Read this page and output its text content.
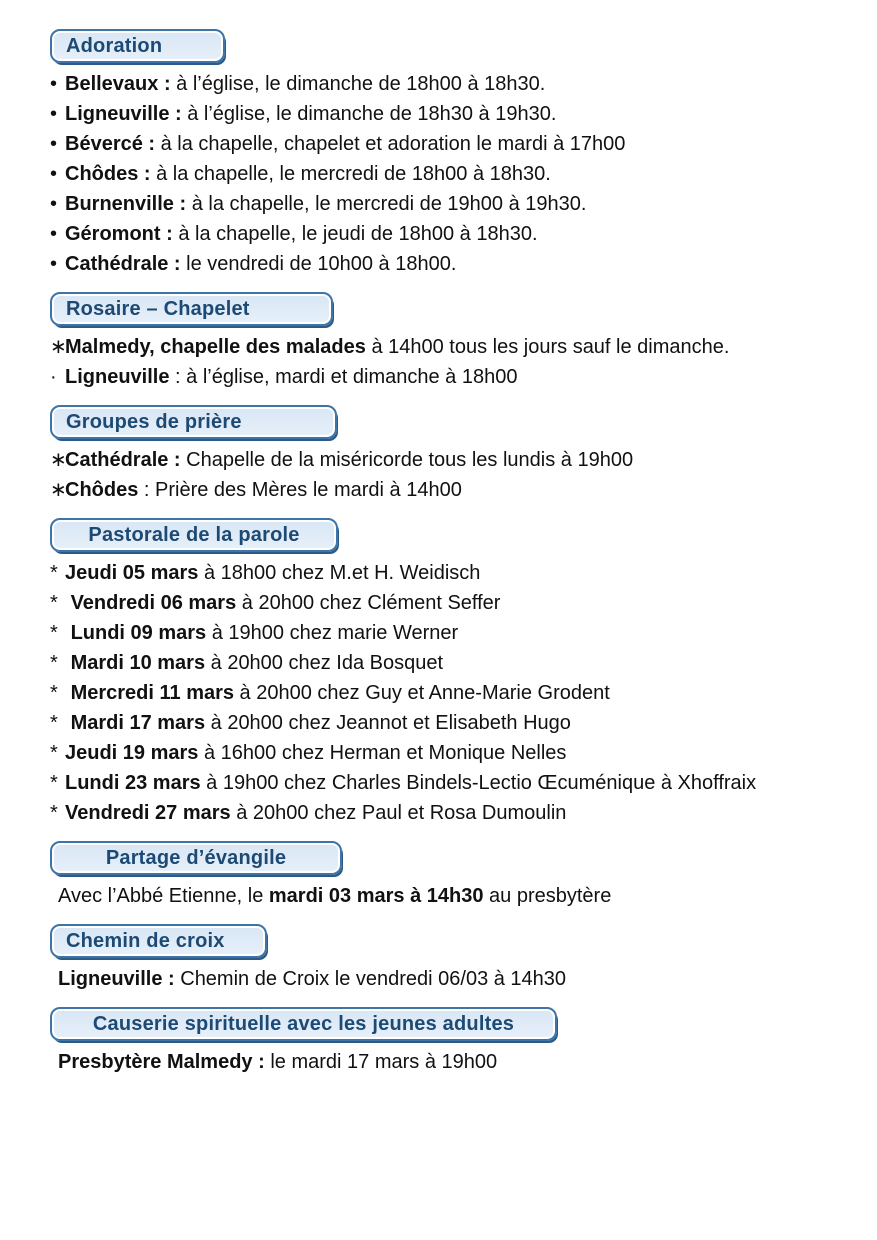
Adoration
• Bellevaux : à l’église, le dimanche de 18h00 à 18h30.
• Ligneuville : à l’église, le dimanche de 18h30 à 19h30.
• Bévercé : à la chapelle, chapelet et adoration le mardi à 17h00
• Chôdes : à la chapelle, le mercredi de 18h00 à 18h30.
• Burnenville : à la chapelle, le mercredi de 19h00 à 19h30.
• Géromont : à la chapelle, le jeudi de 18h00 à 18h30.
• Cathédrale : le vendredi de 10h00 à 18h00.
Rosaire – Chapelet
∗
Malmedy, chapelle des malades à 14h00 tous les jours sauf le dimanche.
· Ligneuville : à l’église, mardi et dimanche à 18h00
Groupes de prière
∗
Cathédrale : Chapelle de la miséricorde tous les lundis à 19h00
∗
Chôdes : Prière des Mères le mardi à 14h00
Pastorale de la parole
* Jeudi 05 mars à 18h00 chez M.et H. Weidisch
* Vendredi 06 mars à 20h00 chez Clément Seffer
* Lundi 09 mars à 19h00 chez marie Werner
* Mardi 10 mars à 20h00 chez Ida Bosquet
* Mercredi 11 mars à 20h00 chez Guy et Anne-Marie Grodent
* Mardi 17 mars à 20h00 chez Jeannot et Elisabeth Hugo
* Jeudi 19 mars à 16h00 chez Herman et Monique Nelles
* Lundi 23 mars à 19h00 chez Charles Bindels-Lectio Œcuménique à Xhoffraix
* Vendredi 27 mars à 20h00 chez Paul et Rosa Dumoulin
Partage d’évangile
Avec l’Abbé Etienne, le mardi 03 mars à 14h30 au presbytère
Chemin de croix
Ligneuville : Chemin de Croix le vendredi 06/03 à 14h30
Causerie spirituelle avec les jeunes adultes
Presbytère Malmedy : le mardi 17 mars à 19h00
